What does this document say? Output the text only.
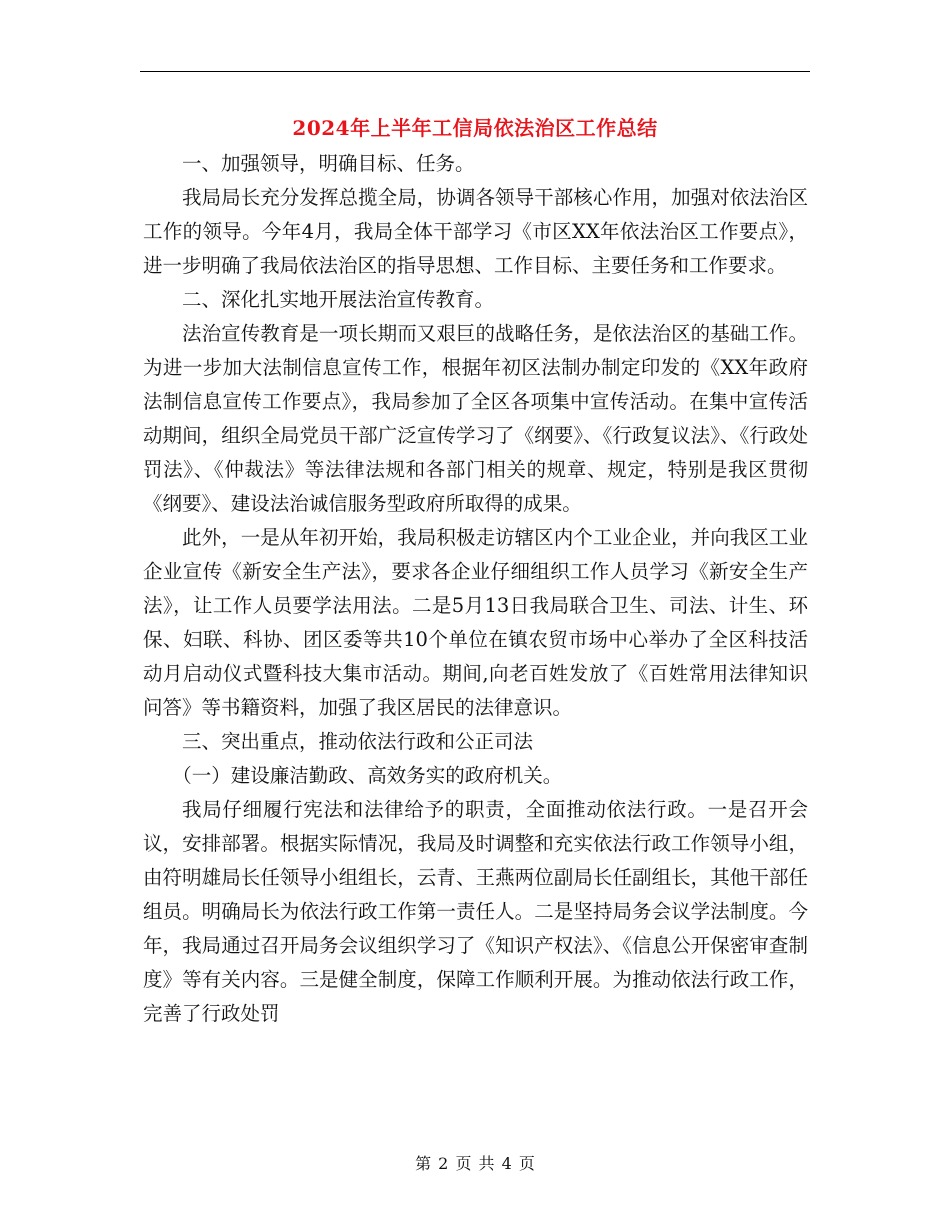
2024年上半年工信局依法治区工作总结

一、加强领导，明确目标、任务。

我局局长充分发挥总揽全局，协调各领导干部核心作用，加强对依法治区工作的领导。今年4月，我局全体干部学习《市区XX年依法治区工作要点》，进一步明确了我局依法治区的指导思想、工作目标、主要任务和工作要求。

二、深化扎实地开展法治宣传教育。

法治宣传教育是一项长期而又艰巨的战略任务，是依法治区的基础工作。为进一步加大法制信息宣传工作，根据年初区法制办制定印发的《XX年政府法制信息宣传工作要点》，我局参加了全区各项集中宣传活动。在集中宣传活动期间，组织全局党员干部广泛宣传学习了《纲要》、《行政复议法》、《行政处罚法》、《仲裁法》等法律法规和各部门相关的规章、规定，特别是我区贯彻《纲要》、建设法治诚信服务型政府所取得的成果。

此外，一是从年初开始，我局积极走访辖区内个工业企业，并向我区工业企业宣传《新安全生产法》，要求各企业仔细组织工作人员学习《新安全生产法》，让工作人员要学法用法。二是5月13日我局联合卫生、司法、计生、环保、妇联、科协、团区委等共10个单位在镇农贸市场中心举办了全区科技活动月启动仪式暨科技大集市活动。期间,向老百姓发放了《百姓常用法律知识问答》等书籍资料，加强了我区居民的法律意识。

三、突出重点，推动依法行政和公正司法

（一）建设廉洁勤政、高效务实的政府机关。

我局仔细履行宪法和法律给予的职责，全面推动依法行政。一是召开会议，安排部署。根据实际情况，我局及时调整和充实依法行政工作领导小组，由符明雄局长任领导小组组长，云青、王燕两位副局长任副组长，其他干部任组员。明确局长为依法行政工作第一责任人。二是坚持局务会议学法制度。今年，我局通过召开局务会议组织学习了《知识产权法》、《信息公开保密审查制度》等有关内容。三是健全制度，保障工作顺利开展。为推动依法行政工作，完善了行政处罚

第 2 页 共 4 页
